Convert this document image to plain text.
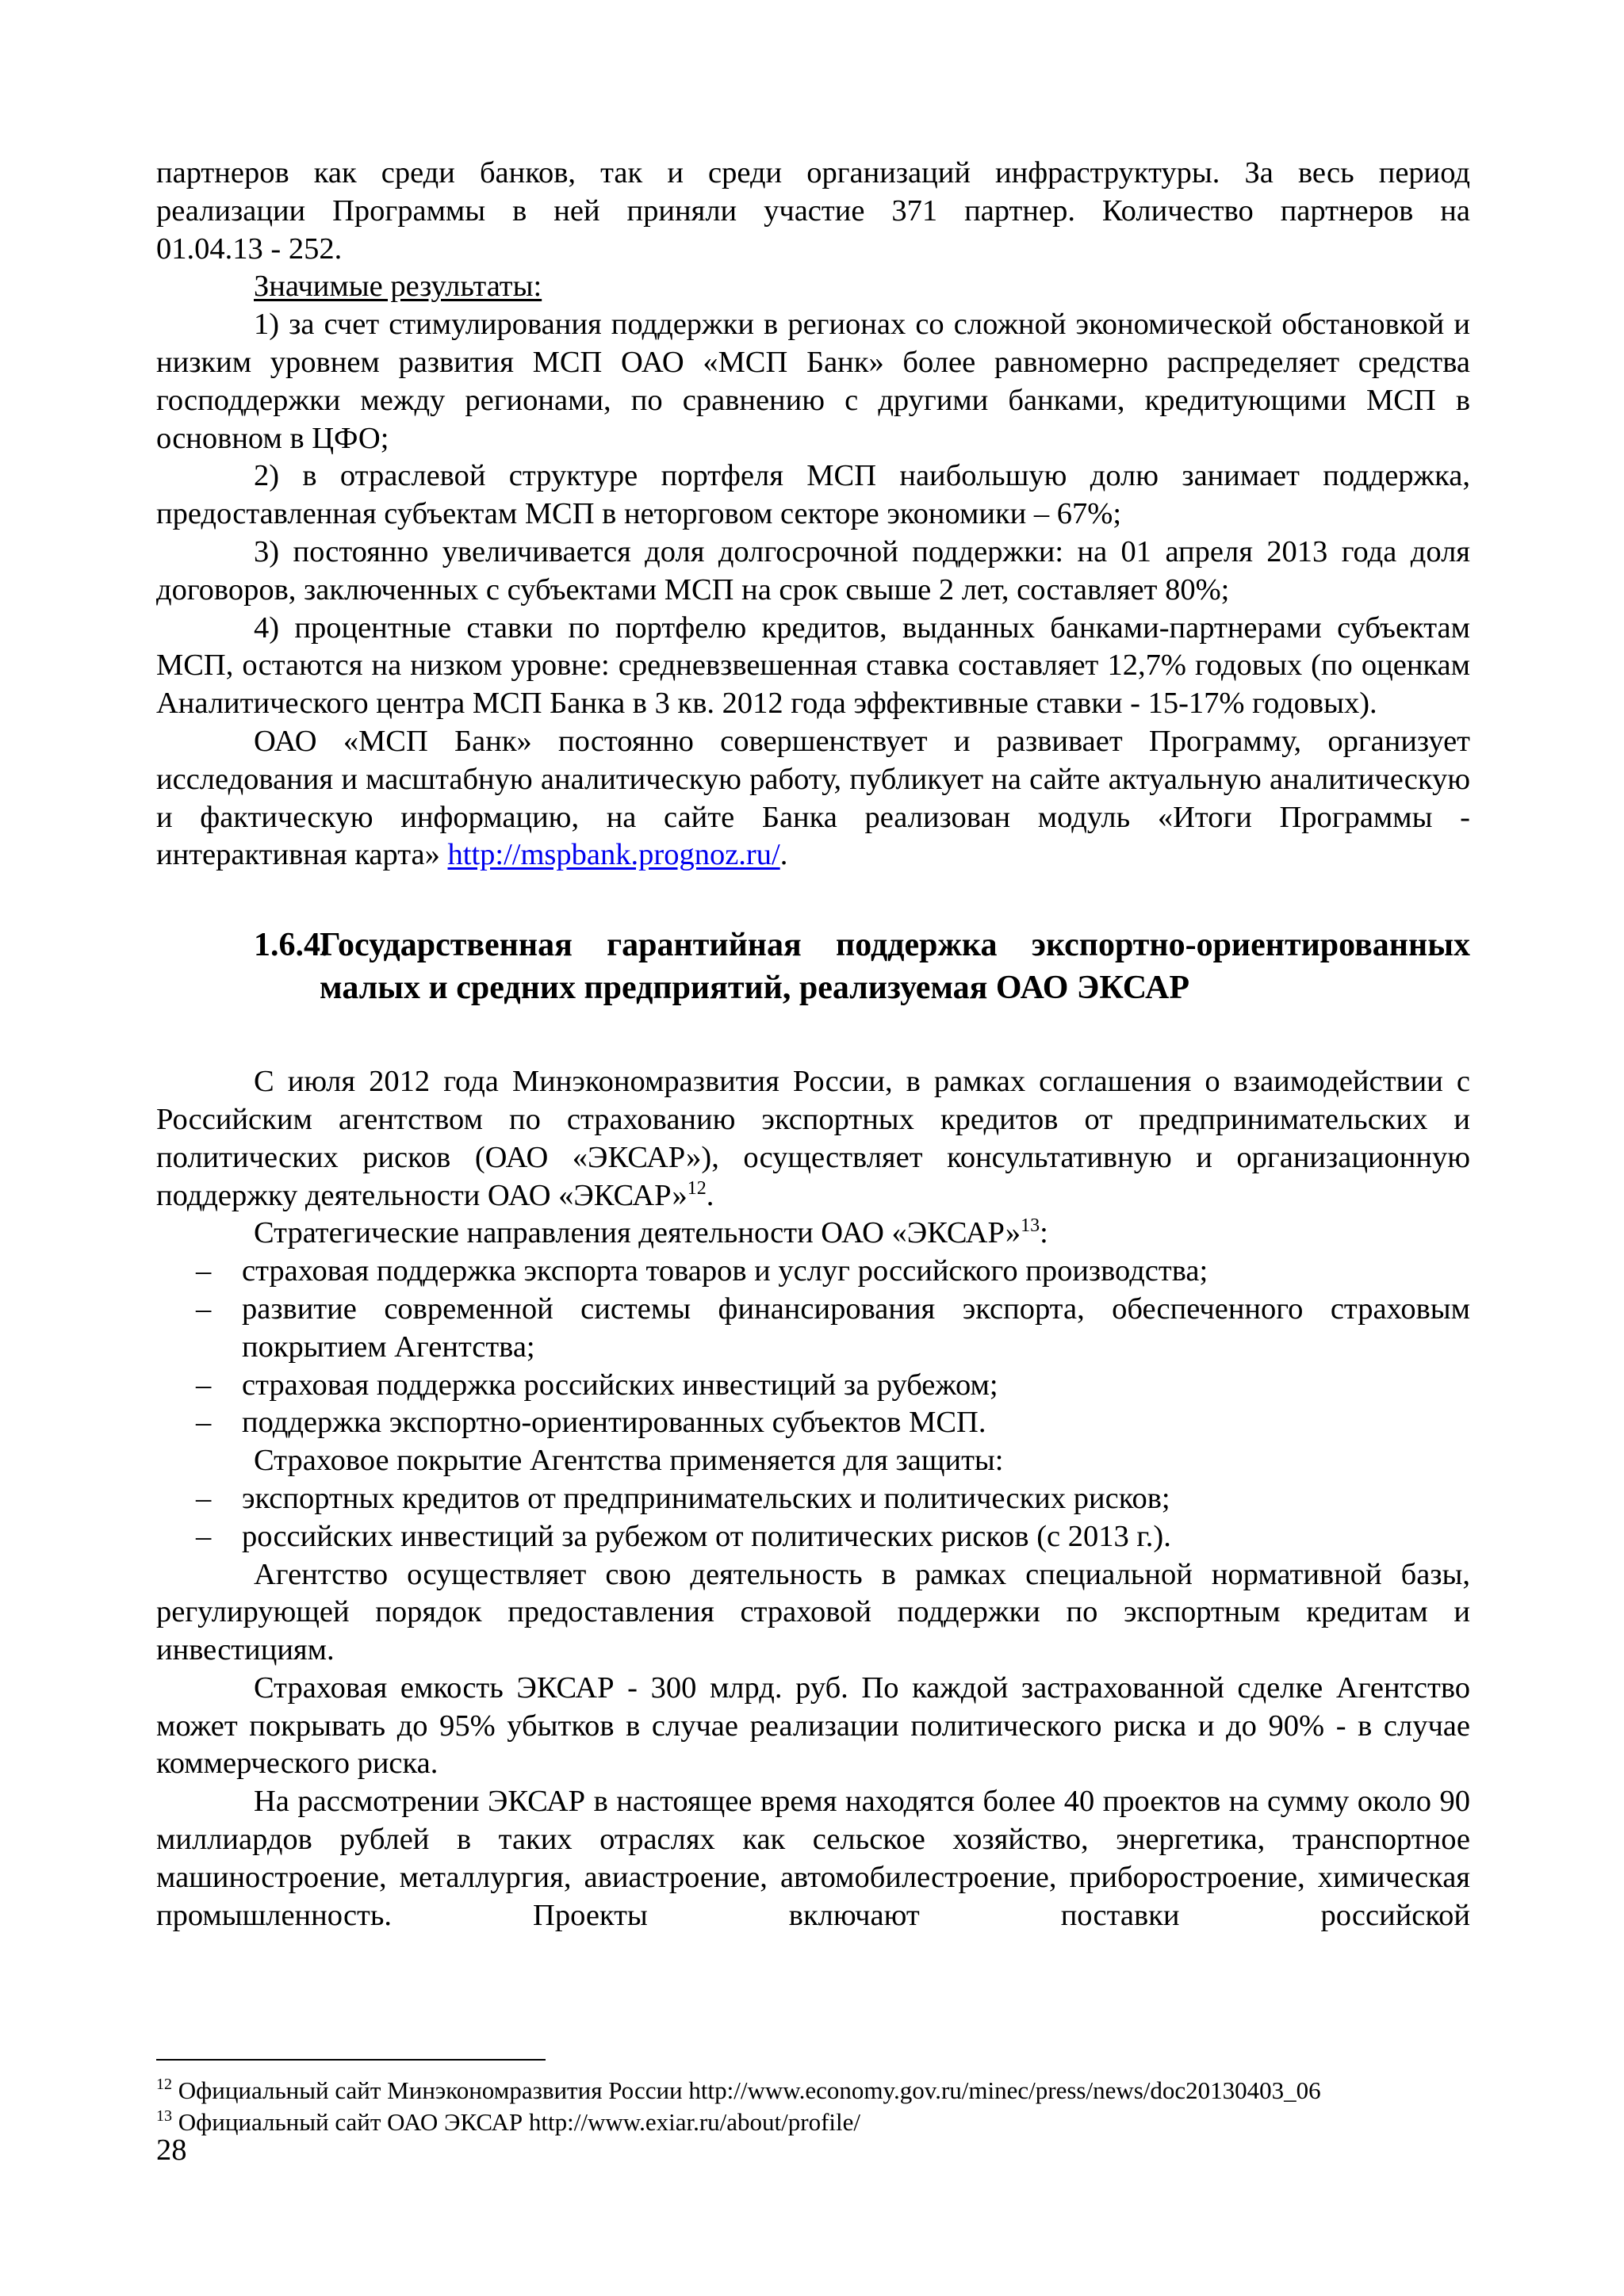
партнеров как среди банков, так и среди организаций инфраструктуры. За весь период

реализации Программы в ней приняли участие 371 партнер. Количество партнеров на

01.04.13 - 252.

Значимые результаты:

1) за счет стимулирования поддержки в регионах со сложной экономической обстановкой и низким уровнем развития МСП ОАО «МСП Банк» более равномерно распределяет средства господдержки между регионами, по сравнению с другими банками, кредитующими МСП в основном в ЦФО;

2) в отраслевой структуре портфеля МСП наибольшую долю занимает поддержка, предоставленная субъектам МСП в неторговом секторе экономики – 67%;

3) постоянно увеличивается доля долгосрочной поддержки: на 01 апреля 2013 года доля договоров, заключенных с субъектами МСП на срок свыше 2 лет, составляет 80%;

4) процентные ставки по портфелю кредитов, выданных банками-партнерами субъектам МСП, остаются на низком уровне: средневзвешенная ставка составляет 12,7% годовых (по оценкам Аналитического центра МСП Банка в 3 кв. 2012 года эффективные ставки - 15-17% годовых).

ОАО «МСП Банк» постоянно совершенствует и развивает Программу, организует исследования и масштабную аналитическую работу, публикует на сайте актуальную аналитическую и фактическую информацию, на сайте Банка реализован модуль «Итоги Программы - интерактивная карта» http://mspbank.prognoz.ru/.

1.6.4.
Государственная гарантийная поддержка экспортно-ориентированных малых и средних предприятий, реализуемая ОАО ЭКСАР

С июля 2012 года Минэкономразвития России, в рамках соглашения о взаимодействии с Российским агентством по страхованию экспортных кредитов от предпринимательских и политических рисков (ОАО «ЭКСАР»), осуществляет консультативную и организационную поддержку деятельности ОАО «ЭКСАР»$^{12}$.

Стратегические направления деятельности ОАО «ЭКСАР»$^{13}$:

–	страховая поддержка экспорта товаров и услуг российского производства;
–	развитие современной системы финансирования экспорта, обеспеченного страховым покрытием Агентства;
–	страховая поддержка российских инвестиций за рубежом;
–	поддержка экспортно-ориентированных субъектов МСП.

Страховое покрытие Агентства применяется для защиты:

–	экспортных кредитов от предпринимательских и политических рисков;
–	российских инвестиций за рубежом от политических рисков (с 2013 г.).

Агентство осуществляет свою деятельность в рамках специальной нормативной базы, регулирующей порядок предоставления страховой поддержки по экспортным кредитам и инвестициям.

Страховая емкость ЭКСАР - 300 млрд. руб. По каждой застрахованной сделке Агентство может покрывать до 95% убытков в случае реализации политического риска и до 90% - в случае коммерческого риска.

На рассмотрении ЭКСАР в настоящее время находятся более 40 проектов на сумму около 90 миллиардов рублей в таких отраслях как сельское хозяйство, энергетика, транспортное машиностроение, металлургия, авиастроение, автомобилестроение, приборостроение, химическая промышленность. Проекты включают поставки российской

$^{12}$ Официальный сайт Минэкономразвития России http://www.economy.gov.ru/minec/press/news/doc20130403_06

$^{13}$ Официальный сайт ОАО ЭКСАР http://www.exiar.ru/about/profile/

28
